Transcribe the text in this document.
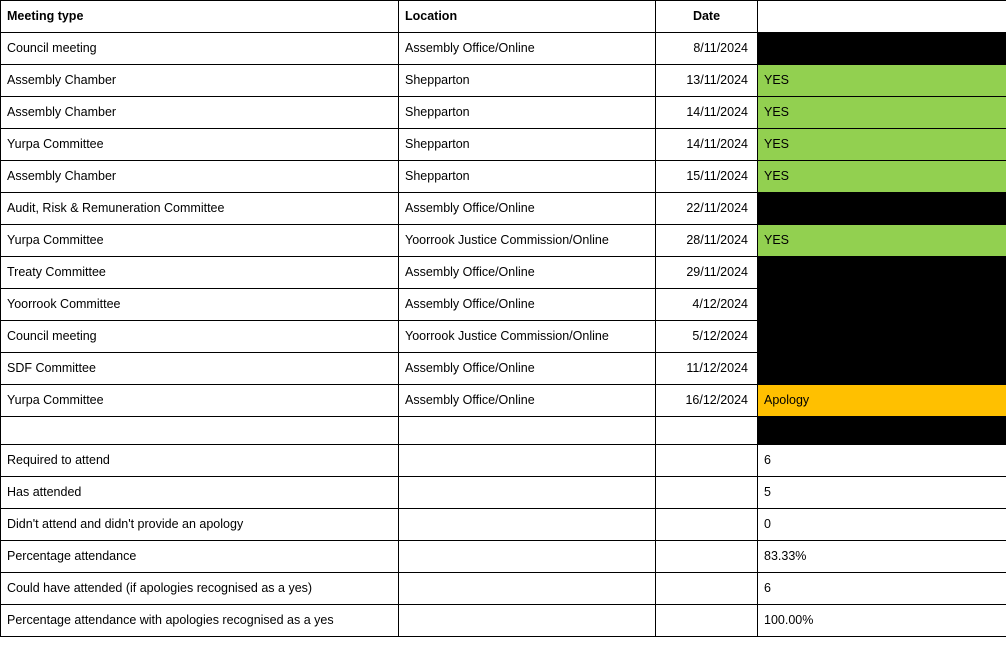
Meeting type	Location	Date	

Council meeting	Assembly Office/Online	8/11/2024	

Assembly Chamber	Shepparton	13/11/2024	YES

Assembly Chamber	Shepparton	14/11/2024	YES

Yurpa Committee	Shepparton	14/11/2024	YES

Assembly Chamber	Shepparton	15/11/2024	YES

Audit, Risk & Remuneration Committee	Assembly Office/Online	22/11/2024	

Yurpa Committee	Yoorrook Justice Commission/Online	28/11/2024	YES

Treaty Committee	Assembly Office/Online	29/11/2024	

Yoorrook Committee	Assembly Office/Online	4/12/2024	

Council meeting	Yoorrook Justice Commission/Online	5/12/2024	

SDF Committee	Assembly Office/Online	11/12/2024	

Yurpa Committee	Assembly Office/Online	16/12/2024	Apology

Required to attend			6

Has attended			5

Didn't attend and didn't provide an apology			0

Percentage attendance			83.33%

Could have attended (if apologies recognised as a yes)			6

Percentage attendance with apologies recognised as a yes			100.00%
